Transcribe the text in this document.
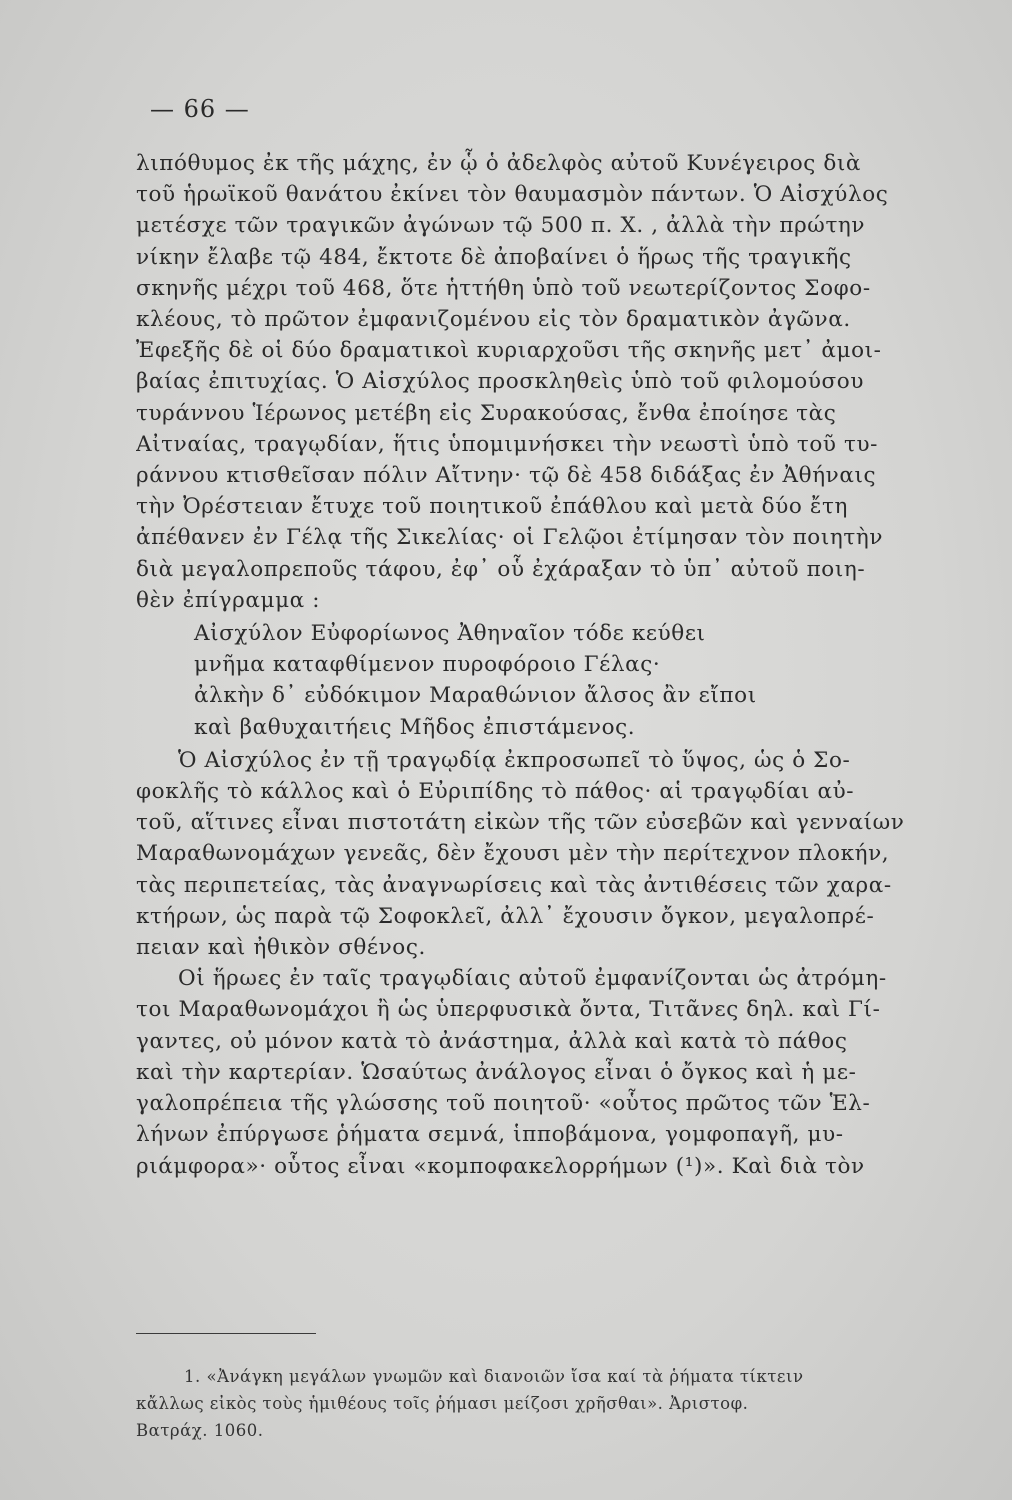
— 66 —
λιπόθυμος ἐκ τῆς μάχης, ἐν ᾧ ὁ ἀδελφὸς αὐτοῦ Κυνέγειρος διὰ
τοῦ ἡρωϊκοῦ θανάτου ἐκίνει τὸν θαυμασμὸν πάντων. Ὁ Αἰσχύλος
μετέσχε τῶν τραγικῶν ἀγώνων τῷ 500 π. Χ. , ἀλλὰ τὴν πρώτην
νίκην ἔλαβε τῷ 484, ἔκτοτε δὲ ἀποβαίνει ὁ ἥρως τῆς τραγικῆς
σκηνῆς μέχρι τοῦ 468, ὅτε ἡττήθη ὑπὸ τοῦ νεωτερίζοντος Σοφο-
κλέους, τὸ πρῶτον ἐμφανιζομένου εἰς τὸν δραματικὸν ἀγῶνα.
Ἐφεξῆς δὲ οἱ δύο δραματικοὶ κυριαρχοῦσι τῆς σκηνῆς μετ᾽ ἀμοι-
βαίας ἐπιτυχίας. Ὁ Αἰσχύλος προσκληθεὶς ὑπὸ τοῦ φιλομούσου
τυράννου Ἱέρωνος μετέβη εἰς Συρακούσας, ἔνθα ἐποίησε τὰς
Αἰτναίας, τραγῳδίαν, ἥτις ὑπομιμνήσκει τὴν νεωστὶ ὑπὸ τοῦ τυ-
ράννου κτισθεῖσαν πόλιν Αἴτνην· τῷ δὲ 458 διδάξας ἐν Ἀθήναις
τὴν Ὀρέστειαν ἔτυχε τοῦ ποιητικοῦ ἐπάθλου καὶ μετὰ δύο ἔτη
ἀπέθανεν ἐν Γέλᾳ τῆς Σικελίας· οἱ Γελῷοι ἐτίμησαν τὸν ποιητὴν
διὰ μεγαλοπρεποῦς τάφου, ἐφ᾽ οὗ ἐχάραξαν τὸ ὑπ᾽ αὐτοῦ ποιη-
θὲν ἐπίγραμμα :
Αἰσχύλον Εὐφορίωνος Ἀθηναῖον τόδε κεύθει
μνῆμα καταφθίμενον πυροφόροιο Γέλας·
ἀλκὴν δ᾽ εὐδόκιμον Μαραθώνιον ἄλσος ἂν εἴποι
καὶ βαθυχαιτήεις Μῆδος ἐπιστάμενος.
Ὁ Αἰσχύλος ἐν τῇ τραγῳδίᾳ ἐκπροσωπεῖ τὸ ὕψος, ὡς ὁ Σο-
φοκλῆς τὸ κάλλος καὶ ὁ Εὐριπίδης τὸ πάθος· αἱ τραγῳδίαι αὐ-
τοῦ, αἵτινες εἶναι πιστοτάτη εἰκὼν τῆς τῶν εὐσεβῶν καὶ γενναίων
Μαραθωνομάχων γενεᾶς, δὲν ἔχουσι μὲν τὴν περίτεχνον πλοκήν,
τὰς περιπετείας, τὰς ἀναγνωρίσεις καὶ τὰς ἀντιθέσεις τῶν χαρα-
κτήρων, ὡς παρὰ τῷ Σοφοκλεῖ, ἀλλ᾽ ἔχουσιν ὄγκον, μεγαλοπρέ-
πειαν καὶ ἠθικὸν σθένος.
Οἱ ἥρωες ἐν ταῖς τραγῳδίαις αὐτοῦ ἐμφανίζονται ὡς ἀτρόμη-
τοι Μαραθωνομάχοι ἢ ὡς ὑπερφυσικὰ ὄντα, Τιτᾶνες δηλ. καὶ Γί-
γαντες, οὐ μόνον κατὰ τὸ ἀνάστημα, ἀλλὰ καὶ κατὰ τὸ πάθος
καὶ τὴν καρτερίαν. Ὡσαύτως ἀνάλογος εἶναι ὁ ὄγκος καὶ ἡ με-
γαλοπρέπεια τῆς γλώσσης τοῦ ποιητοῦ· «οὗτος πρῶτος τῶν Ἑλ-
λήνων ἐπύργωσε ῥήματα σεμνά, ἱπποβάμονα, γομφοπαγῆ, μυ-
ριάμφορα»· οὗτος εἶναι «κομποφακελορρήμων (¹)». Καὶ διὰ τὸν
1. «Ἀνάγκη μεγάλων γνωμῶν καὶ διανοιῶν ἴσα καί τὰ ῥήματα τίκτειν
κἄλλως εἰκὸς τοὺς ἡμιθέους τοῖς ῥήμασι μείζοσι χρῆσθαι». Ἀριστοφ.
Βατράχ. 1060.
